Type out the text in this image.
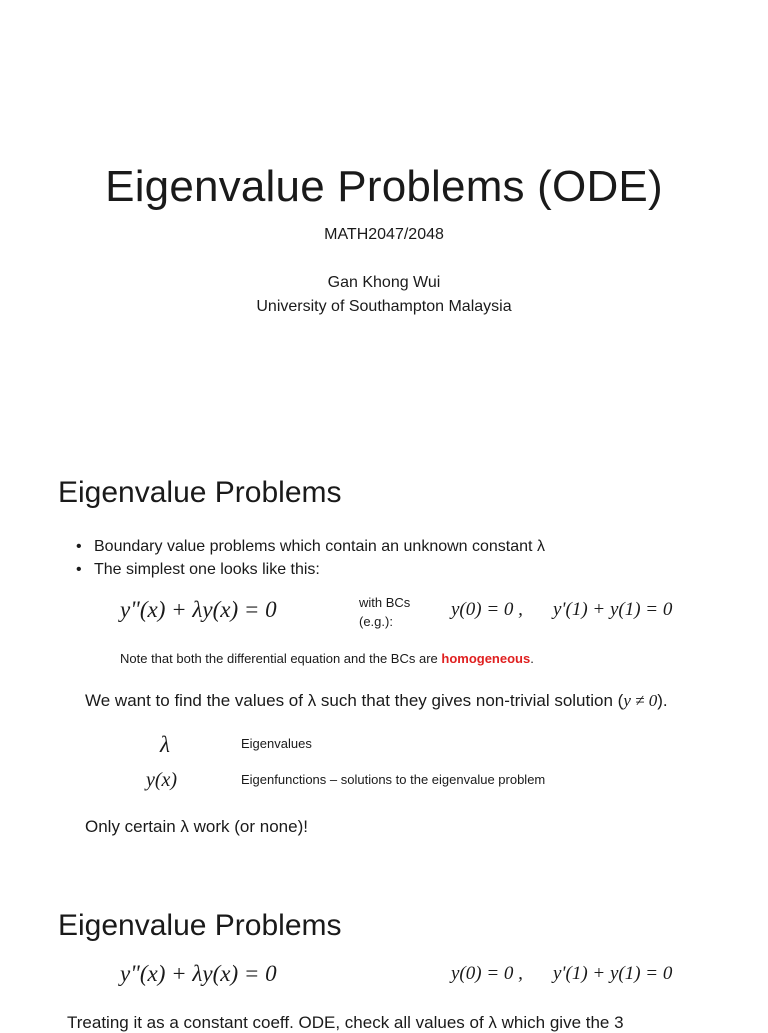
Eigenvalue Problems (ODE)
MATH2047/2048
Gan Khong Wui
University of Southampton Malaysia
Eigenvalue Problems
• Boundary value problems which contain an unknown constant λ
• The simplest one looks like this:
y"(x) + λy(x) = 0	with BCs
(e.g.):
y(0) = 0 , y'(1) + y(1) = 0
Note that both the differential equation and the BCs are homogeneous.
We want to find the values of λ such that they gives non-trivial solution (y ≠ 0).
λ	Eigenvalues
y(x)	Eigenfunctions – solutions to the eigenvalue problem
Only certain λ work (or none)!
Eigenvalue Problems
y"(x) + λy(x) = 0	y(0) = 0 , y'(1) + y(1) = 0
Treating it as a constant coeff. ODE, check all values of λ which give the 3
